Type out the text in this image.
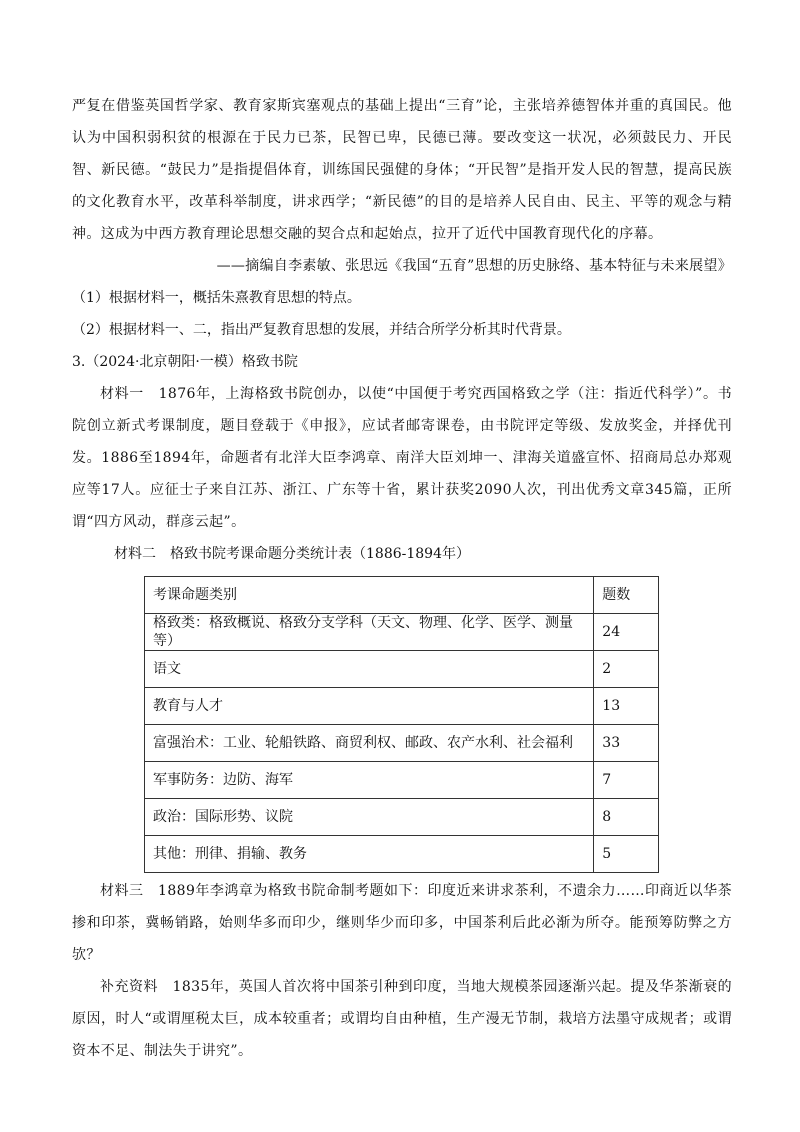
严复在借鉴英国哲学家、教育家斯宾塞观点的基础上提出“三育”论，主张培养德智体并重的真国民。他认为中国积弱积贫的根源在于民力已茶，民智已卑，民德已薄。要改变这一状况，必须鼓民力、开民智、新民德。“鼓民力”是指提倡体育，训练国民强健的身体；“开民智”是指开发人民的智慧，提高民族的文化教育水平，改革科举制度，讲求西学；“新民德”的目的是培养人民自由、民主、平等的观念与精神。这成为中西方教育理论思想交融的契合点和起始点，拉开了近代中国教育现代化的序幕。

——摘编自李素敏、张思远《我国“五育”思想的历史脉络、基本特征与未来展望》

（1）根据材料一，概括朱熹教育思想的特点。

（2）根据材料一、二，指出严复教育思想的发展，并结合所学分析其时代背景。

3.（2024·北京朝阳·一模）格致书院

材料一　1876年，上海格致书院创办，以使“中国便于考究西国格致之学（注：指近代科学）”。书院创立新式考课制度，题目登载于《申报》，应试者邮寄课卷，由书院评定等级、发放奖金，并择优刊发。1886至1894年，命题者有北洋大臣李鸿章、南洋大臣刘坤一、津海关道盛宣怀、招商局总办郑观应等17人。应征士子来自江苏、浙江、广东等十省，累计获奖2090人次，刊出优秀文章345篇，正所谓“四方风动，群彦云起”。

材料二　格致书院考课命题分类统计表（1886-1894年）

考课命题类别	题数
格致类：格致概说、格致分支学科（天文、物理、化学、医学、测量等）	24
语文	2
教育与人才	13
富强治术：工业、轮船铁路、商贸利权、邮政、农产水利、社会福利	33
军事防务：边防、海军	7
政治：国际形势、议院	8
其他：刑律、捐输、教务	5

材料三　1889年李鸿章为格致书院命制考题如下：印度近来讲求茶利，不遗余力……印商近以华茶掺和印茶，冀畅销路，始则华多而印少，继则华少而印多，中国茶利后此必渐为所夺。能预筹防弊之方欤？

补充资料　1835年，英国人首次将中国茶引种到印度，当地大规模茶园逐渐兴起。提及华茶渐衰的原因，时人“或谓厘税太巨，成本较重者；或谓均自由种植，生产漫无节制，栽培方法墨守成规者；或谓资本不足、制法失于讲究”。
